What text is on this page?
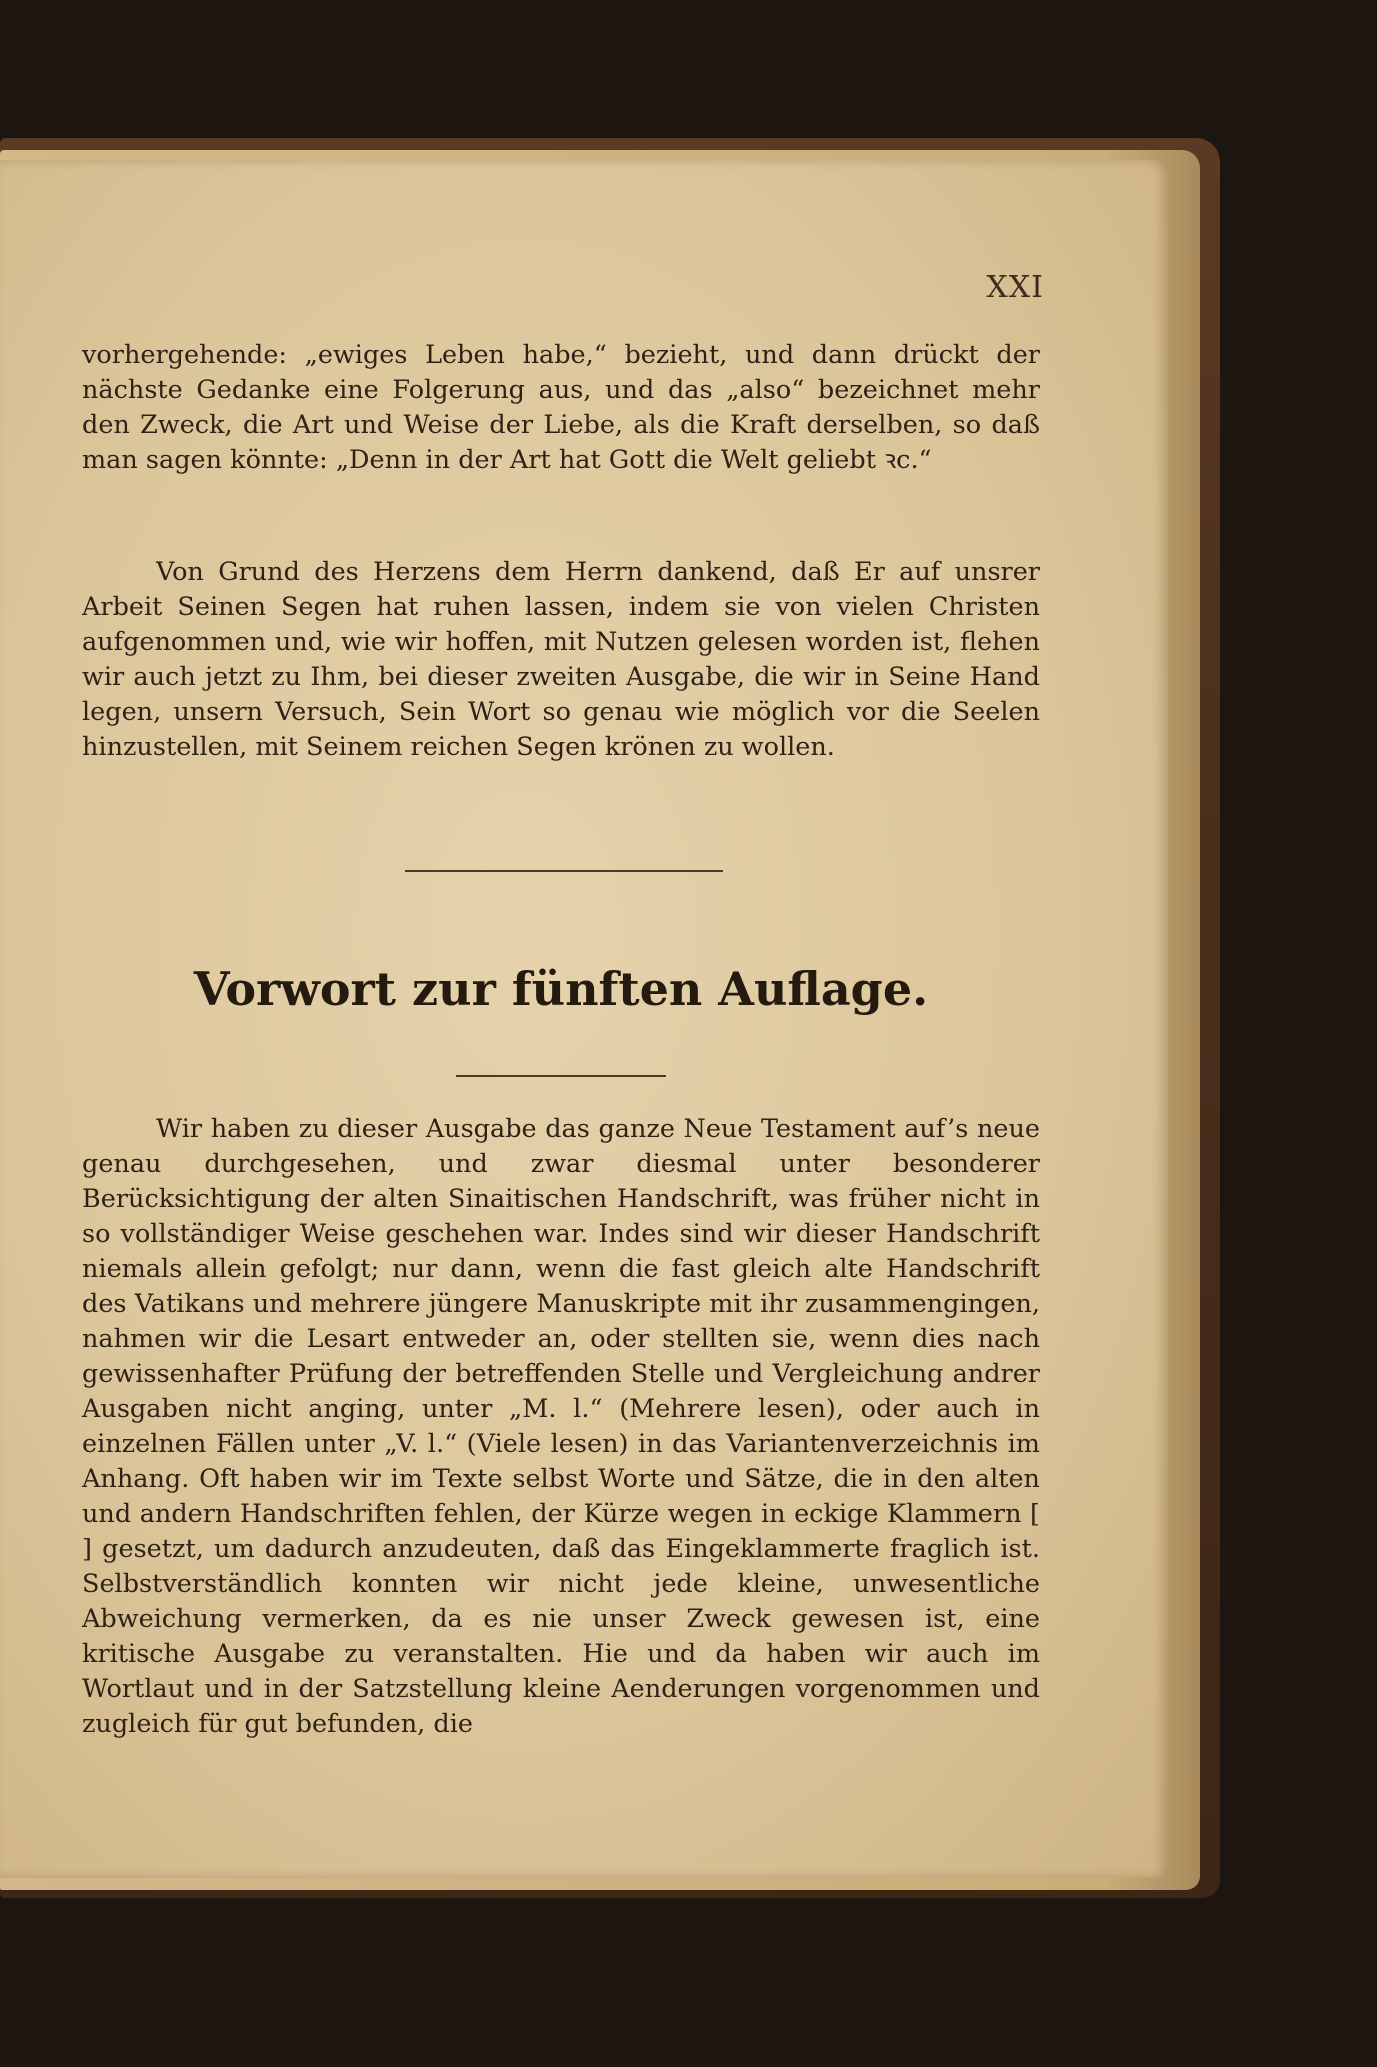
XXI

vorhergehende: „ewiges Leben habe,“ bezieht, und dann drückt der nächste Gedanke eine Folgerung aus, und das „also“ bezeichnet mehr den Zweck, die Art und Weise der Liebe, als die Kraft derselben, so daß man sagen könnte: „Denn in der Art hat Gott die Welt geliebt ꝛc.“

Von Grund des Herzens dem Herrn dankend, daß Er auf unsrer Arbeit Seinen Segen hat ruhen lassen, indem sie von vielen Christen aufgenommen und, wie wir hoffen, mit Nutzen gelesen worden ist, flehen wir auch jetzt zu Ihm, bei dieser zweiten Ausgabe, die wir in Seine Hand legen, unsern Versuch, Sein Wort so genau wie möglich vor die Seelen hinzustellen, mit Seinem reichen Segen krönen zu wollen.

Vorwort zur fünften Auflage.

Wir haben zu dieser Ausgabe das ganze Neue Testament auf’s neue genau durchgesehen, und zwar diesmal unter besonderer Berücksichtigung der alten Sinaitischen Handschrift, was früher nicht in so vollständiger Weise geschehen war. Indes sind wir dieser Handschrift niemals allein gefolgt; nur dann, wenn die fast gleich alte Handschrift des Vatikans und mehrere jüngere Manuskripte mit ihr zusammengingen, nahmen wir die Lesart entweder an, oder stellten sie, wenn dies nach gewissenhafter Prüfung der betreffenden Stelle und Vergleichung andrer Ausgaben nicht anging, unter „M. l.“ (Mehrere lesen), oder auch in einzelnen Fällen unter „V. l.“ (Viele lesen) in das Variantenverzeichnis im Anhang. Oft haben wir im Texte selbst Worte und Sätze, die in den alten und andern Handschriften fehlen, der Kürze wegen in eckige Klammern [ ] gesetzt, um dadurch anzudeuten, daß das Eingeklammerte fraglich ist. Selbstverständlich konnten wir nicht jede kleine, unwesentliche Abweichung vermerken, da es nie unser Zweck gewesen ist, eine kritische Ausgabe zu veranstalten. Hie und da haben wir auch im Wortlaut und in der Satzstellung kleine Aenderungen vorgenommen und zugleich für gut befunden, die
